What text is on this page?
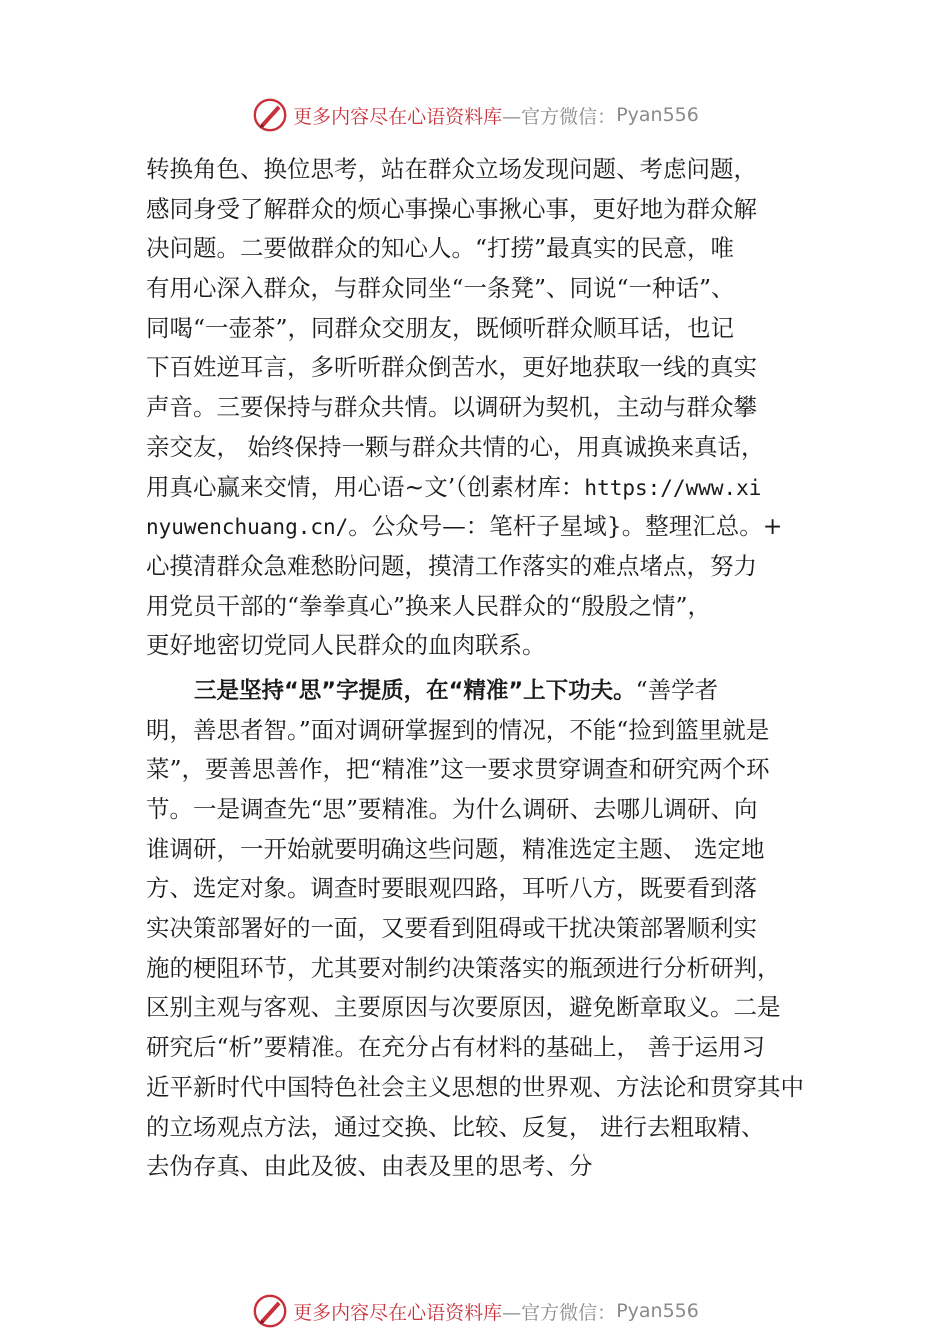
更多内容尽在心语资料库 —官方微信： Pyan556
转换角色、换位思考，站在群众立场发现问题、考虑问题，
感同身受了解群众的烦心事操心事揪心事，更好地为群众解
决问题。二要做群众的知心人。“打捞”最真实的民意，唯
有用心深入群众，与群众同坐“一条凳”、同说“一种话”、
同喝“一壶茶”，同群众交朋友，既倾听群众顺耳话，也记
下百姓逆耳言，多听听群众倒苦水，更好地获取一线的真实
声音。三要保持与群众共情。以调研为契机，主动与群众攀
亲交友， 始终保持一颗与群众共情的心，用真诚换来真话，
用真心赢来交情，用心语~文’（创素材库：https://www.xi
nyuwenchuang.cn/。公众号—：笔杆子星域}。整理汇总。+
心摸清群众急难愁盼问题，摸清工作落实的难点堵点，努力
用党员干部的“拳拳真心”换来人民群众的“殷殷之情”，
更好地密切党同人民群众的血肉联系。
三是坚持“思”字提质，在“精准”上下功夫。“善学者
明，善思者智。”面对调研掌握到的情况，不能“捡到篮里就是
菜”，要善思善作，把“精准”这一要求贯穿调查和研究两个环
节。一是调查先“思”要精准。为什么调研、去哪儿调研、向
谁调研，一开始就要明确这些问题，精准选定主题、 选定地
方、选定对象。调查时要眼观四路，耳听八方，既要看到落
实决策部署好的一面，又要看到阻碍或干扰决策部署顺利实
施的梗阻环节，尤其要对制约决策落实的瓶颈进行分析研判，
区别主观与客观、主要原因与次要原因，避免断章取义。二是
研究后“析”要精准。在充分占有材料的基础上， 善于运用习
近平新时代中国特色社会主义思想的世界观、方法论和贯穿其中
的立场观点方法，通过交换、比较、反复， 进行去粗取精、
去伪存真、由此及彼、由表及里的思考、分
更多内容尽在心语资料库 —官方微信： Pyan556
